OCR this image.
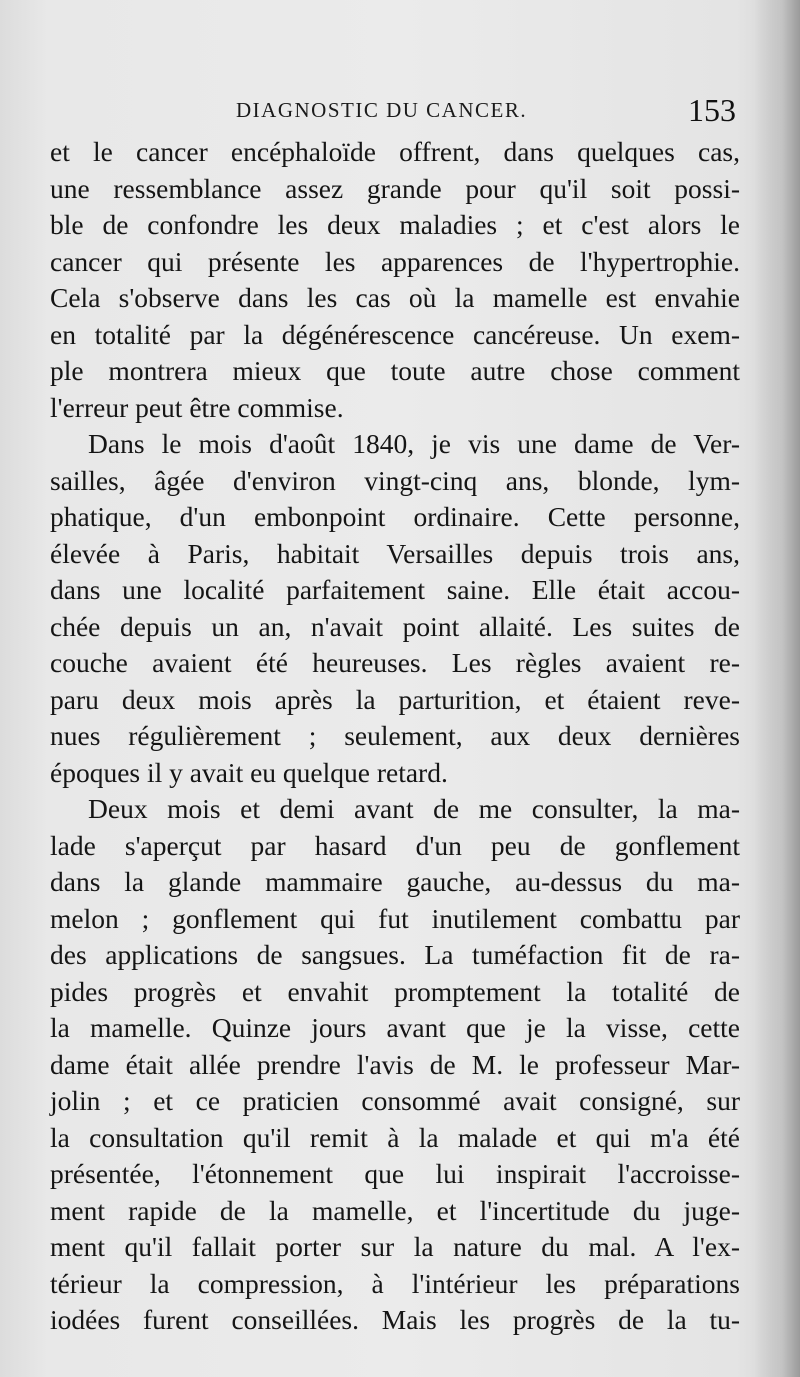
DIAGNOSTIC DU CANCER.	153
et le cancer encéphaloïde offrent, dans quelques cas,
une ressemblance assez grande pour qu'il soit possi-
ble de confondre les deux maladies ; et c'est alors le
cancer qui présente les apparences de l'hypertrophie.
Cela s'observe dans les cas où la mamelle est envahie
en totalité par la dégénérescence cancéreuse. Un exem-
ple montrera mieux que toute autre chose comment
l'erreur peut être commise.
Dans le mois d'août 1840, je vis une dame de Ver-
sailles, âgée d'environ vingt-cinq ans, blonde, lym-
phatique, d'un embonpoint ordinaire. Cette personne,
élevée à Paris, habitait Versailles depuis trois ans,
dans une localité parfaitement saine. Elle était accou-
chée depuis un an, n'avait point allaité. Les suites de
couche avaient été heureuses. Les règles avaient re-
paru deux mois après la parturition, et étaient reve-
nues régulièrement ; seulement, aux deux dernières
époques il y avait eu quelque retard.
Deux mois et demi avant de me consulter, la ma-
lade s'aperçut par hasard d'un peu de gonflement
dans la glande mammaire gauche, au-dessus du ma-
melon ; gonflement qui fut inutilement combattu par
des applications de sangsues. La tuméfaction fit de ra-
pides progrès et envahit promptement la totalité de
la mamelle. Quinze jours avant que je la visse, cette
dame était allée prendre l'avis de M. le professeur Mar-
jolin ; et ce praticien consommé avait consigné, sur
la consultation qu'il remit à la malade et qui m'a été
présentée, l'étonnement que lui inspirait l'accroisse-
ment rapide de la mamelle, et l'incertitude du juge-
ment qu'il fallait porter sur la nature du mal. A l'ex-
térieur la compression, à l'intérieur les préparations
iodées furent conseillées. Mais les progrès de la tu-
